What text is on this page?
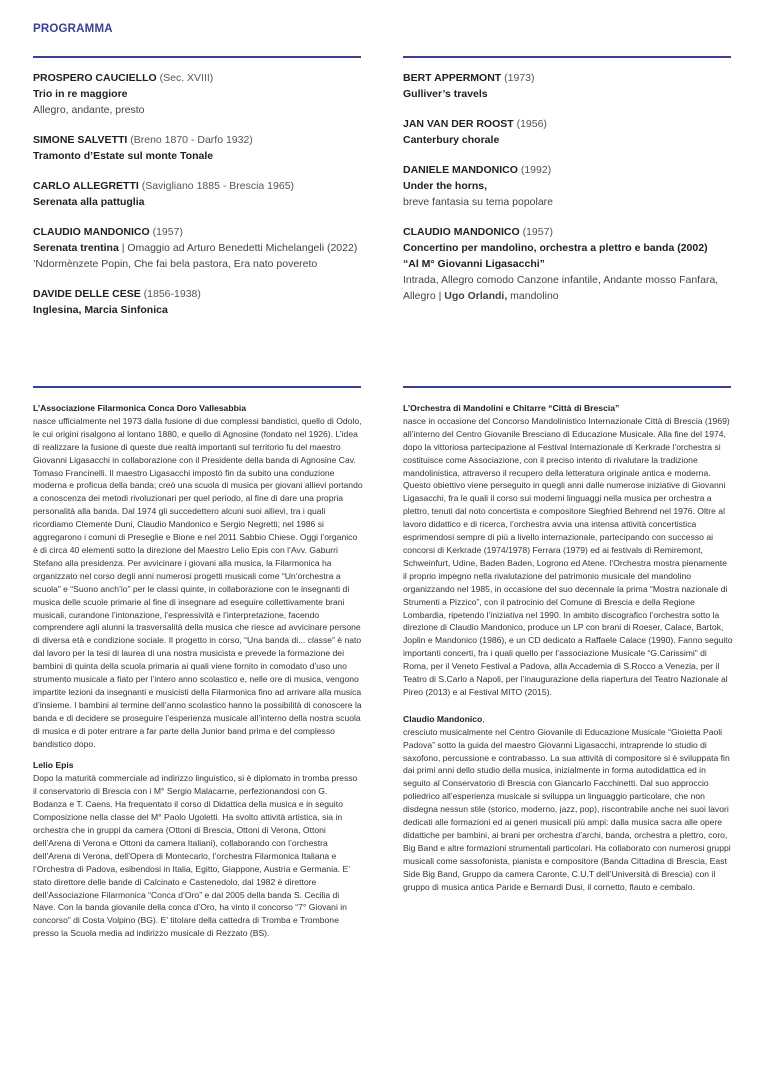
PROGRAMMA
PROSPERO CAUCIELLO (Sec. XVIII)
Trio in re maggiore
Allegro, andante, presto
SIMONE SALVETTI (Breno 1870 - Darfo 1932)
Tramonto d’Estate sul monte Tonale
CARLO ALLEGRETTI (Savigliano 1885 - Brescia 1965)
Serenata alla pattuglia
CLAUDIO MANDONICO (1957)
Serenata trentina | Omaggio ad Arturo Benedetti Michelangeli (2022)
’Ndormènzete Popin, Che fai bela pastora, Era nato povereto
DAVIDE DELLE CESE (1856-1938)
Inglesina, Marcia Sinfonica
BERT APPERMONT (1973)
Gulliver’s travels
JAN VAN DER ROOST (1956)
Canterbury chorale
DANIELE MANDONICO (1992)
Under the horns,
breve fantasia su tema popolare
CLAUDIO MANDONICO (1957)
Concertino per mandolino, orchestra a plettro e banda (2002)
“Al M° Giovanni Ligasacchi”
Intrada, Allegro comodo Canzone infantile, Andante mosso Fanfara, Allegro | Ugo Orlandi, mandolino

L’Associazione Filarmonica Conca Doro Vallesabbia
nasce ufficialmente nel 1973 dalla fusione di due complessi bandistici, quello di Odolo, le cui origini risalgono al lontano 1880, e quello di Agnosine (fondato nel 1926). L’idea di realizzare la fusione di queste due realtà importanti sul territorio fu del maestro Giovanni Ligasacchi in collaborazione con il Presidente della banda di Agnosine Cav. Tomaso Francinelli. Il maestro Ligasacchi impostò fin da subito una conduzione moderna e proficua della banda; creò una scuola di musica per giovani allievi portando a conoscenza dei metodi rivoluzionari per quel periodo, al fine di dare una propria personalità alla banda. Dal 1974 gli succedettero alcuni suoi allievi, tra i quali ricordiamo Clemente Duni, Claudio Mandonico e Sergio Negretti; nel 1986 si aggregarono i comuni di Preseglie e Bione e nel 2011 Sabbio Chiese. Oggi l’organico è di circa 40 elementi sotto la direzione del Maestro Lelio Epis con l’Avv. Gaburri Stefano alla presidenza. Per avvicinare i giovani alla musica, la Filarmonica ha organizzato nel corso degli anni numerosi progetti musicali come “Un’orchestra a scuola” e “Suono anch’io” per le classi quinte, in collaborazione con le insegnanti di musica delle scuole primarie al fine di insegnare ad eseguire collettivamente brani musicali, curandone l’intonazione, l’espressività e l’interpretazione, facendo comprendere agli alunni la trasversalità della musica che riesce ad avvicinare persone di diversa età e condizione sociale. Il progetto in corso, “Una banda di... classe” è nato dal lavoro per la tesi di laurea di una nostra musicista e prevede la formazione dei bambini di quinta della scuola primaria ai quali viene fornito in comodato d’uso uno strumento musicale a fiato per l’intero anno scolastico e, nelle ore di musica, vengono impartite lezioni da insegnanti e musicisti della Filarmonica fino ad arrivare alla musica d’insieme. I bambini al termine dell’anno scolastico hanno la possibilità di conoscere la banda e di decidere se proseguire l’esperienza musicale all’interno della nostra scuola di musica e di poter entrare a far parte della Junior band prima e del complesso bandistico dopo.

Lelio Epis
Dopo la maturità commerciale ad indirizzo linguistico, si è diplomato in tromba presso il conservatorio di Brescia con i M° Sergio Malacarne, perfezionandosi con G. Bodanza e T. Caens. Ha frequentato il corso di Didattica della musica e in seguito Composizione nella classe del M° Paolo Ugoletti. Ha svolto attività artistica, sia in orchestra che in gruppi da camera (Ottoni di Brescia, Ottoni di Verona, Ottoni dell’Arena di Verona e Ottoni da camera Italiani), collaborando con l’orchestra dell’Arena di Verona, dell’Opera di Montecarlo, l’orchestra Filarmonica Italiana e l’Orchestra di Padova, esibendosi in Italia, Egitto, Giappone, Austria e Germania. E’ stato direttore delle bande di Calcinato e Castenedolo, dal 1982 è direttore dell’Associazione Filarmonica “Conca d’Oro” e dal 2005 della banda S. Cecilia di Nave. Con la banda giovanile della conca d’Oro, ha vinto il concorso “7° Giovani in concorso” di Costa Volpino (BG). E’ titolare della cattedra di Tromba e Trombone presso la Scuola media ad indirizzo musicale di Rezzato (BS).

L’Orchestra di Mandolini e Chitarre “Città di Brescia”
nasce in occasione del Concorso Mandolinistico Internazionale Città di Brescia (1969) all’interno del Centro Giovanile Bresciano di Educazione Musicale. Alla fine del 1974, dopo la vittoriosa partecipazione al Festival Internazionale di Kerkrade l’orchestra si costituisce come Associazione, con il preciso intento di rivalutare la tradizione mandolinistica, attraverso il recupero della letteratura originale antica e moderna. Questo obiettivo viene perseguito in quegli anni dalle numerose iniziative di Giovanni Ligasacchi, fra le quali il corso sui moderni linguaggi nella musica per orchestra a plettro, tenuti dal noto concertista e compositore Siegfried Behrend nel 1976. Oltre al lavoro didattico e di ricerca, l’orchestra avvia una intensa attività concertistica esprimendosi sempre di più a livello internazionale, partecipando con successo ai concorsi di Kerkrade (1974/1978) Ferrara (1979) ed ai festivals di Remiremont, Schweinfurt, Udine, Baden Baden, Logrono ed Atene. l’Orchestra mostra pienamente il proprio impegno nella rivalutazione del patrimonio musicale del mandolino organizzando nel 1985, in occasione del suo decennale la prima “Mostra nazionale di Strumenti a Pizzico”, con il patrocinio del Comune di Brescia e della Regione Lombardia, ripetendo l’iniziativa nel 1990. In ambito discografico l’orchestra sotto la direzione di Claudio Mandonico, produce un LP con brani di Roeser, Calace, Bartok, Joplin e Mandonico (1986), e un CD dedicato a Raffaele Calace (1990). Fanno seguito importanti concerti, fra i quali quello per l’associazione Musicale “G.Carissimi” di Roma, per il Veneto Festival a Padova, alla Accademia di S.Rocco a Venezia, per il Teatro di S.Carlo a Napoli, per l’inaugurazione della riapertura del Teatro Nazionale al Pireo (2013) e al Festival MITO (2015).

Claudio Mandonico,
cresciuto musicalmente nel Centro Giovanile di Educazione Musicale “Gioietta Paoli Padova” sotto la guida del maestro Giovanni Ligasacchi, intraprende lo studio di saxofono, percussione e contrabasso. La sua attività di compositore si è sviluppata fin dai primi anni dello studio della musica, inizialmente in forma autodidattica ed in seguito al Conservatorio di Brescia con Giancarlo Facchinetti. Dal suo approccio poliedrico all’esperienza musicale si sviluppa un linguaggio particolare, che non disdegna nessun stile (storico, moderno, jazz, pop), riscontrabile anche nei suoi lavori dedicati alle formazioni ed ai generi musicali più ampi: dalla musica sacra alle opere didattiche per bambini, ai brani per orchestra d’archi, banda, orchestra a plettro, coro, Big Band e altre formazioni strumentali particolari. Ha collaborato con numerosi gruppi musicali come sassofonista, pianista e compositore (Banda Cittadina di Brescia, East Side Big Band, Gruppo da camera Caronte, C.U.T dell’Università di Brescia) con il gruppo di musica antica Paride e Bernardi Dusi, il cornetto, flauto e cembalo.
